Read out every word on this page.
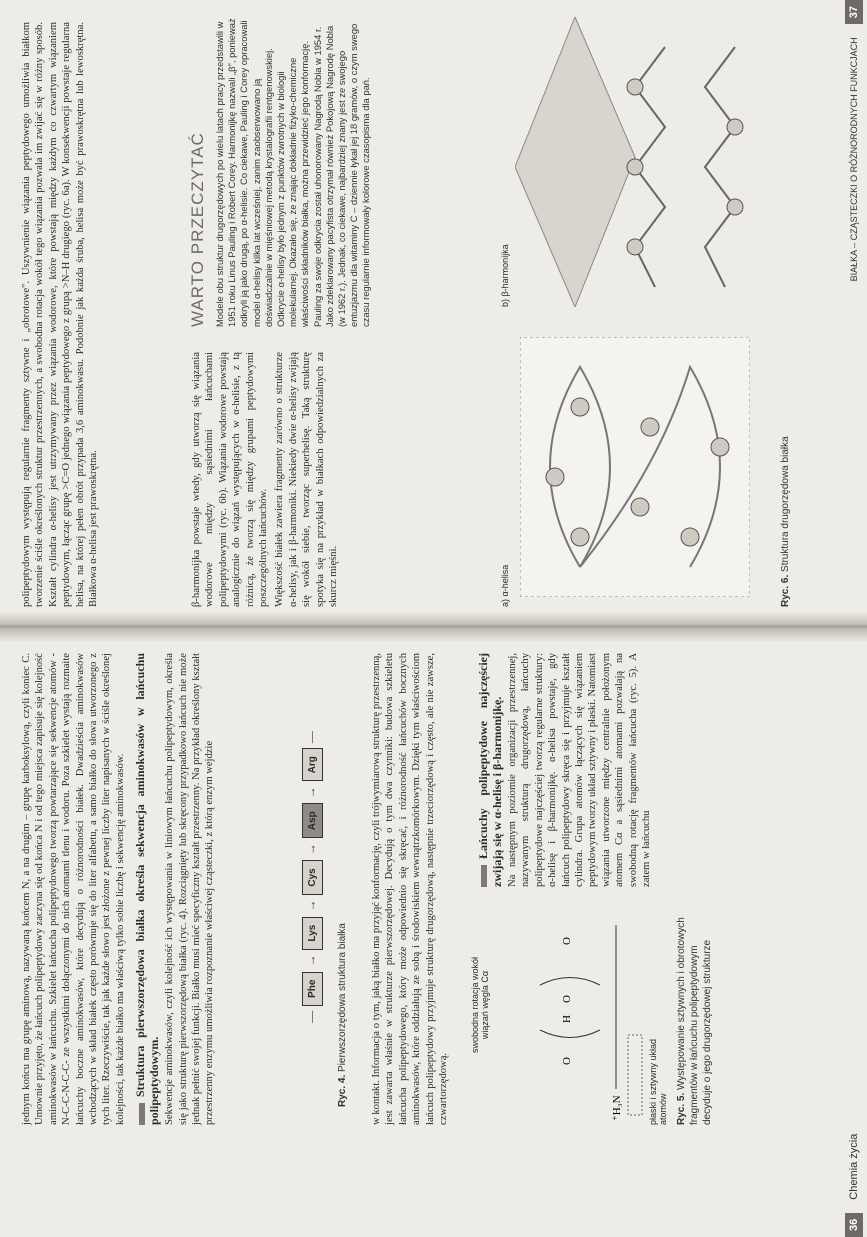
jednym końcu ma grupę aminową, nazywaną końcem N, a na drugim – grupę karboksylową, czyli koniec C. Umownie przyjęto, że łańcuch polipeptydowy zaczyna się od końca N i od tego miejsca zapisuje się kolejność aminokwasów w łańcuchu. Szkielet łańcucha polipeptydowego tworzą powtarzające się sekwencje atomów -N-C-C-N-C-C- ze wszystkimi dołączonymi do nich atomami tlenu i wodoru. Poza szkielet wystają rozmaite łańcuchy boczne aminokwasów, które decydują o różnorodności białek. Dwadzieścia aminokwasów wchodzących w skład białek często porównuje się do liter alfabetu, a samo białko do słowa utworzonego z tych liter. Rzeczywiście, tak jak każde słowo jest złożone z pewnej liczby liter napisanych w ściśle określonej kolejności, tak każde białko ma właściwą tylko sobie liczbę i sekwencję aminokwasów. Struktura pierwszorzędowa białka określa sekwencja aminokwasów w łańcuchu polipeptydowym. Sekwencje aminokwasów, czyli kolejność ich występowania w liniowym łańcuchu polipeptydowym, określa się jako strukturę pierwszorzędową białka (ryc. 4). Rozciągnięty lub skręcony przypadkowo łańcuch nie może jednak pełnić swojej funkcji. Białko musi mieć specyficzny kształt przestrzenny. Na przykład określony kształt przestrzenny enzymu umożliwia rozpoznanie właściwej cząsteczki, z którą enzym wejdzie	—Phe→Lys→Cys→Asp→Arg—
Ryc. 4. Pierwszorzędowa struktura białka w kontakt. Informacja o tym, jaką białko ma przyjąć konformację, czyli trójwymiarową strukturę przestrzenną, jest zawarta właśnie w strukturze pierwszorzędowej. Decydują o tym dwa czynniki: budowa szkieletu łańcucha polipeptydowego, który może odpowiednio się skręcać, i różnorodność łańcuchów bocznych aminokwasów, które oddziałują ze sobą i środowiskiem wewnątrzkomórkowym. Dzięki tym właściwościom łańcuch polipeptydowy przyjmuje strukturę drugorzędową, następnie trzeciorzędową i często, ale nie zawsze, czwartorzędową.

swobodna rotacja wokół wiązań węgla Cα
⁺H₃N
O
H
O
O
płaski i sztywny układ atomów Ryc. 5. Występowanie sztywnych i obrotowych fragmentów w łańcuchu polipeptydowym decyduje o jego drugorzędowej strukturze
Łańcuchy polipeptydowe najczęściej zwijają się w α-helisę i β-harmonijkę. Na następnym poziomie organizacji przestrzennej, nazywanym strukturą drugorzędową, łańcuchy polipeptydowe najczęściej tworzą regularne struktury: α-helisę i β-harmonijkę. α-helisa powstaje, gdy łańcuch polipeptydowy skręca się i przyjmuje kształt cylindra. Grupa atomów łączących się wiązaniem peptydowym tworzy układ sztywny i płaski. Natomiast wiązania utworzone między centralnie położonym atomem Cα a sąsiednimi atomami pozwalają na swobodną rotację fragmentów łańcucha (ryc. 5). A zatem w łańcuchu

36 Chemia życia

polipeptydowym występują regularnie fragmenty sztywne i „obrotowe". Uszywnienie wiązania peptydowego umożliwia białkom tworzenie ściśle określonych struktur przestrzennych, a swobodna rotacja wokół tego wiązania pozwala im zwijać się w różny sposób. Kształt cylindra α-helisy jest utrzymywany przez wiązania wodorowe, które powstają między każdym co czwartym wiązaniem peptydowym, łącząc grupę >C=O jednego wiązania peptydowego z grupą >N–H drugiego (ryc. 6a). W konsekwencji powstaje regularna helisa, na której pełen obrót przypada 3,6 aminokwasu. Podobnie jak każda śruba, helisa może być prawoskrętna lub lewoskrętna. Białkowa α-helisa jest prawoskrętna.	β-harmonijka powstaje wtedy, gdy utworzą się wiązania wodorowe między sąsiednimi łańcuchami polipeptydowymi (ryc. 6b). Wiązania wodorowe powstają analogicznie do wiązań występujących w α-helisie, z tą różnicą, że tworzą się między grupami peptydowymi poszczególnych łańcuchów. Większość białek zawiera fragmenty zarówno o strukturze α-helisy, jak i β-harmoniki. Niekiedy dwie α-helisy zwijają się wokół siebie, tworząc superhelisę. Taką strukturę spotyka się na przykład w białkach odpowiedzialnych za skurcz mięśni.

WARTO PRZECZYTAĆ Modele obu struktur drugorzędowych po wielu latach pracy przedstawili w 1951 roku Linus Pauling i Robert Corey. Harmonijkę nazwali „β", ponieważ odkryli ją jako drugą, po α-helisie. Co ciekawe, Pauling i Corey opracowali model α-helisy kilka lat wcześniej, zanim zaobserwowano ją doświadczalnie w mięśniowej metodą krystalografii rentgenowskiej. Odkrycie α-helisy było jednym z punktów zwrotnych w biologii molekularnej. Okazało się, że znając dokładnie fizyko-chemiczne właściwości składników białka, można przewidzieć jego konformację. Pauling za swoje odkrycia został uhonorowany Nagrodą Nobla w 1954 r. Jako zdeklarowany pacyfista otrzymał również Pokojową Nagrodę Nobla (w 1962 r.). Jednak, co ciekawe, najbardziej znany jest ze swojego entuzjazmu dla witaminy C – dziennie łykał jej 18 gramów, o czym swego czasu regularnie informowały kolorowe czasopisma dla pań.
a) α-helisa
b) β-harmonijka
Ryc. 6. Struktura drugorzędowa białka
BIAŁKA – CZĄSTECZKI O RÓŻNORODNYCH FUNKCJACH 37
